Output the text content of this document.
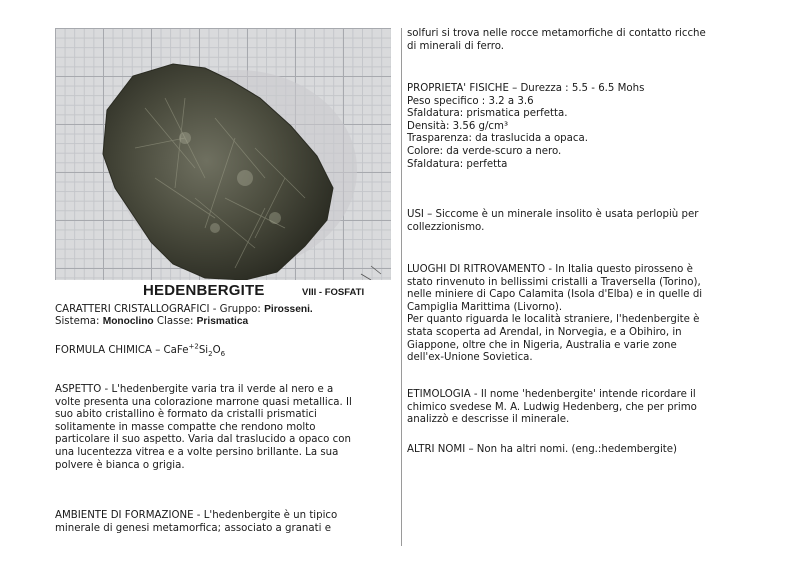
HEDENBERGITE	VIII - FOSFATI
CARATTERI CRISTALLOGRAFICI - Gruppo: Pirosseni.
Sistema: Monoclino Classe: Prismatica
FORMULA CHIMICA – $CaFe^{+2}Si_2O_6$
ASPETTO - L'hedenbergite varia tra il verde al nero e a
volte presenta una colorazione marrone quasi metallica. Il
suo abito cristallino è formato da cristalli prismatici
solitamente in masse compatte che rendono molto
particolare il suo aspetto. Varia dal traslucido a opaco con
una lucentezza vitrea e a volte persino brillante. La sua
polvere è bianca o grigia.
AMBIENTE DI FORMAZIONE - L'hedenbergite è un tipico
minerale di genesi metamorfica; associato a granati e
solfuri si trova nelle rocce metamorfiche di contatto ricche
di minerali di ferro.
PROPRIETA' FISICHE – Durezza : 5.5 - 6.5 Mohs
Peso specifico : 3.2 a 3.6
Sfaldatura: prismatica perfetta.
Densità: 3.56 g/cm³
Trasparenza: da traslucida a opaca.
Colore: da verde-scuro a nero.
Sfaldatura: perfetta
USI – Siccome è un minerale insolito è usata perlopiù per
collezzionismo.
LUOGHI DI RITROVAMENTO - In Italia questo pirosseno è
stato rinvenuto in bellissimi cristalli a Traversella (Torino),
nelle miniere di Capo Calamita (Isola d'Elba) e in quelle di
Campiglia Marittima (Livorno).
Per quanto riguarda le località straniere, l'hedenbergite è
stata scoperta ad Arendal, in Norvegia, e a Obihiro, in
Giappone, oltre che in Nigeria, Australia e varie zone
dell'ex-Unione Sovietica.
ETIMOLOGIA - Il nome 'hedenbergite' intende ricordare il
chimico svedese M. A. Ludwig Hedenberg, che per primo
analizzò e descrisse il minerale.
ALTRI NOMI – Non ha altri nomi. (eng.:hedembergite)
